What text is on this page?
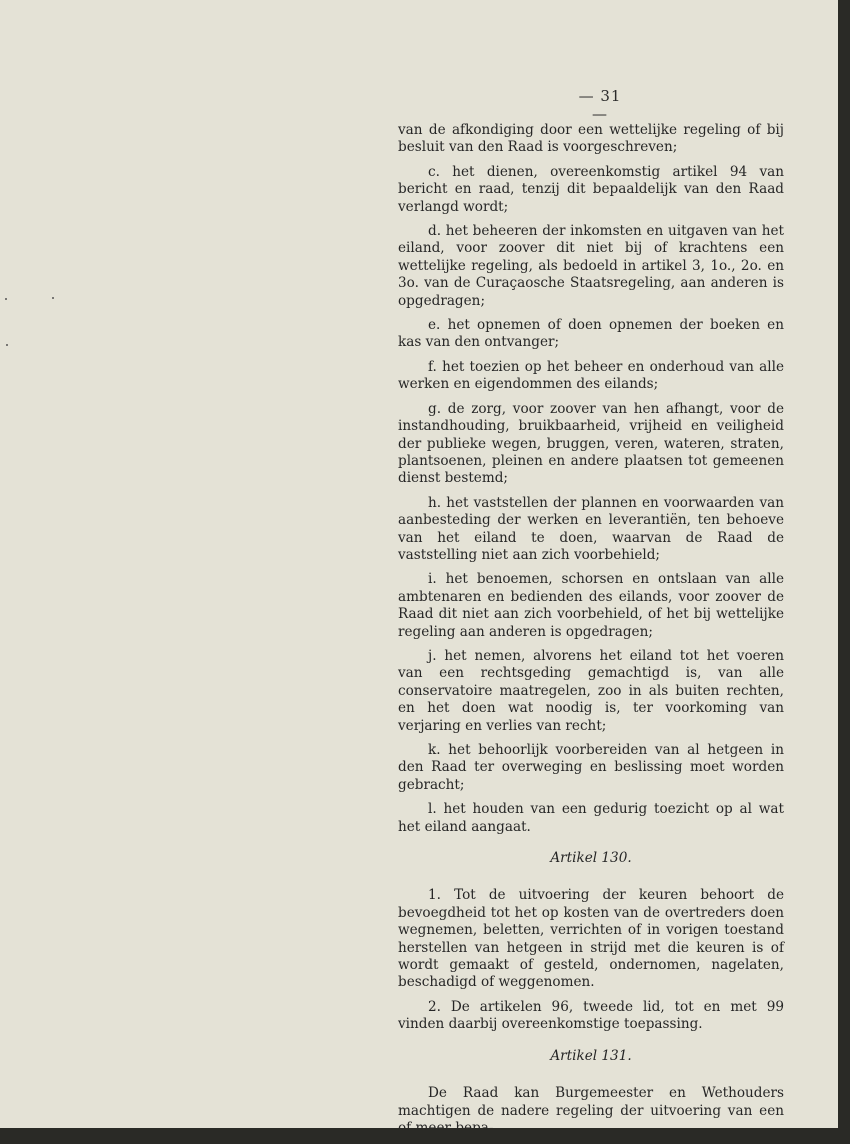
— 31 —

van de afkondiging door een wettelijke regeling of bij besluit van den Raad is voorgeschreven;

c. het dienen, overeenkomstig artikel 94 van bericht en raad, tenzij dit bepaaldelijk van den Raad verlangd wordt;

d. het beheeren der inkomsten en uitgaven van het eiland, voor zoover dit niet bij of krachtens een wettelijke regeling, als bedoeld in artikel 3, 1o., 2o. en 3o. van de Curaçaosche Staatsregeling, aan anderen is opgedragen;

e. het opnemen of doen opnemen der boeken en kas van den ontvanger;

f. het toezien op het beheer en onderhoud van alle werken en eigendommen des eilands;

g. de zorg, voor zoover van hen afhangt, voor de instandhouding, bruikbaarheid, vrijheid en veiligheid der publieke wegen, bruggen, veren, wateren, straten, plantsoenen, pleinen en andere plaatsen tot gemeenen dienst bestemd;

h. het vaststellen der plannen en voorwaarden van aanbesteding der werken en leverantiën, ten behoeve van het eiland te doen, waarvan de Raad de vaststelling niet aan zich voorbehield;

i. het benoemen, schorsen en ontslaan van alle ambtenaren en bedienden des eilands, voor zoover de Raad dit niet aan zich voorbehield, of het bij wettelijke regeling aan anderen is opgedragen;

j. het nemen, alvorens het eiland tot het voeren van een rechtsgeding gemachtigd is, van alle conservatoire maatregelen, zoo in als buiten rechten, en het doen wat noodig is, ter voorkoming van verjaring en verlies van recht;

k. het behoorlijk voorbereiden van al hetgeen in den Raad ter overweging en beslissing moet worden gebracht;

l. het houden van een gedurig toezicht op al wat het eiland aangaat.

Artikel 130.

1. Tot de uitvoering der keuren behoort de bevoegdheid tot het op kosten van de overtreders doen wegnemen, beletten, verrichten of in vorigen toestand herstellen van hetgeen in strijd met die keuren is of wordt gemaakt of gesteld, ondernomen, nagelaten, beschadigd of weggenomen.

2. De artikelen 96, tweede lid, tot en met 99 vinden daarbij overeenkomstige toepassing.

Artikel 131.

De Raad kan Burgemeester en Wethouders machtigen de nadere regeling der uitvoering van een
